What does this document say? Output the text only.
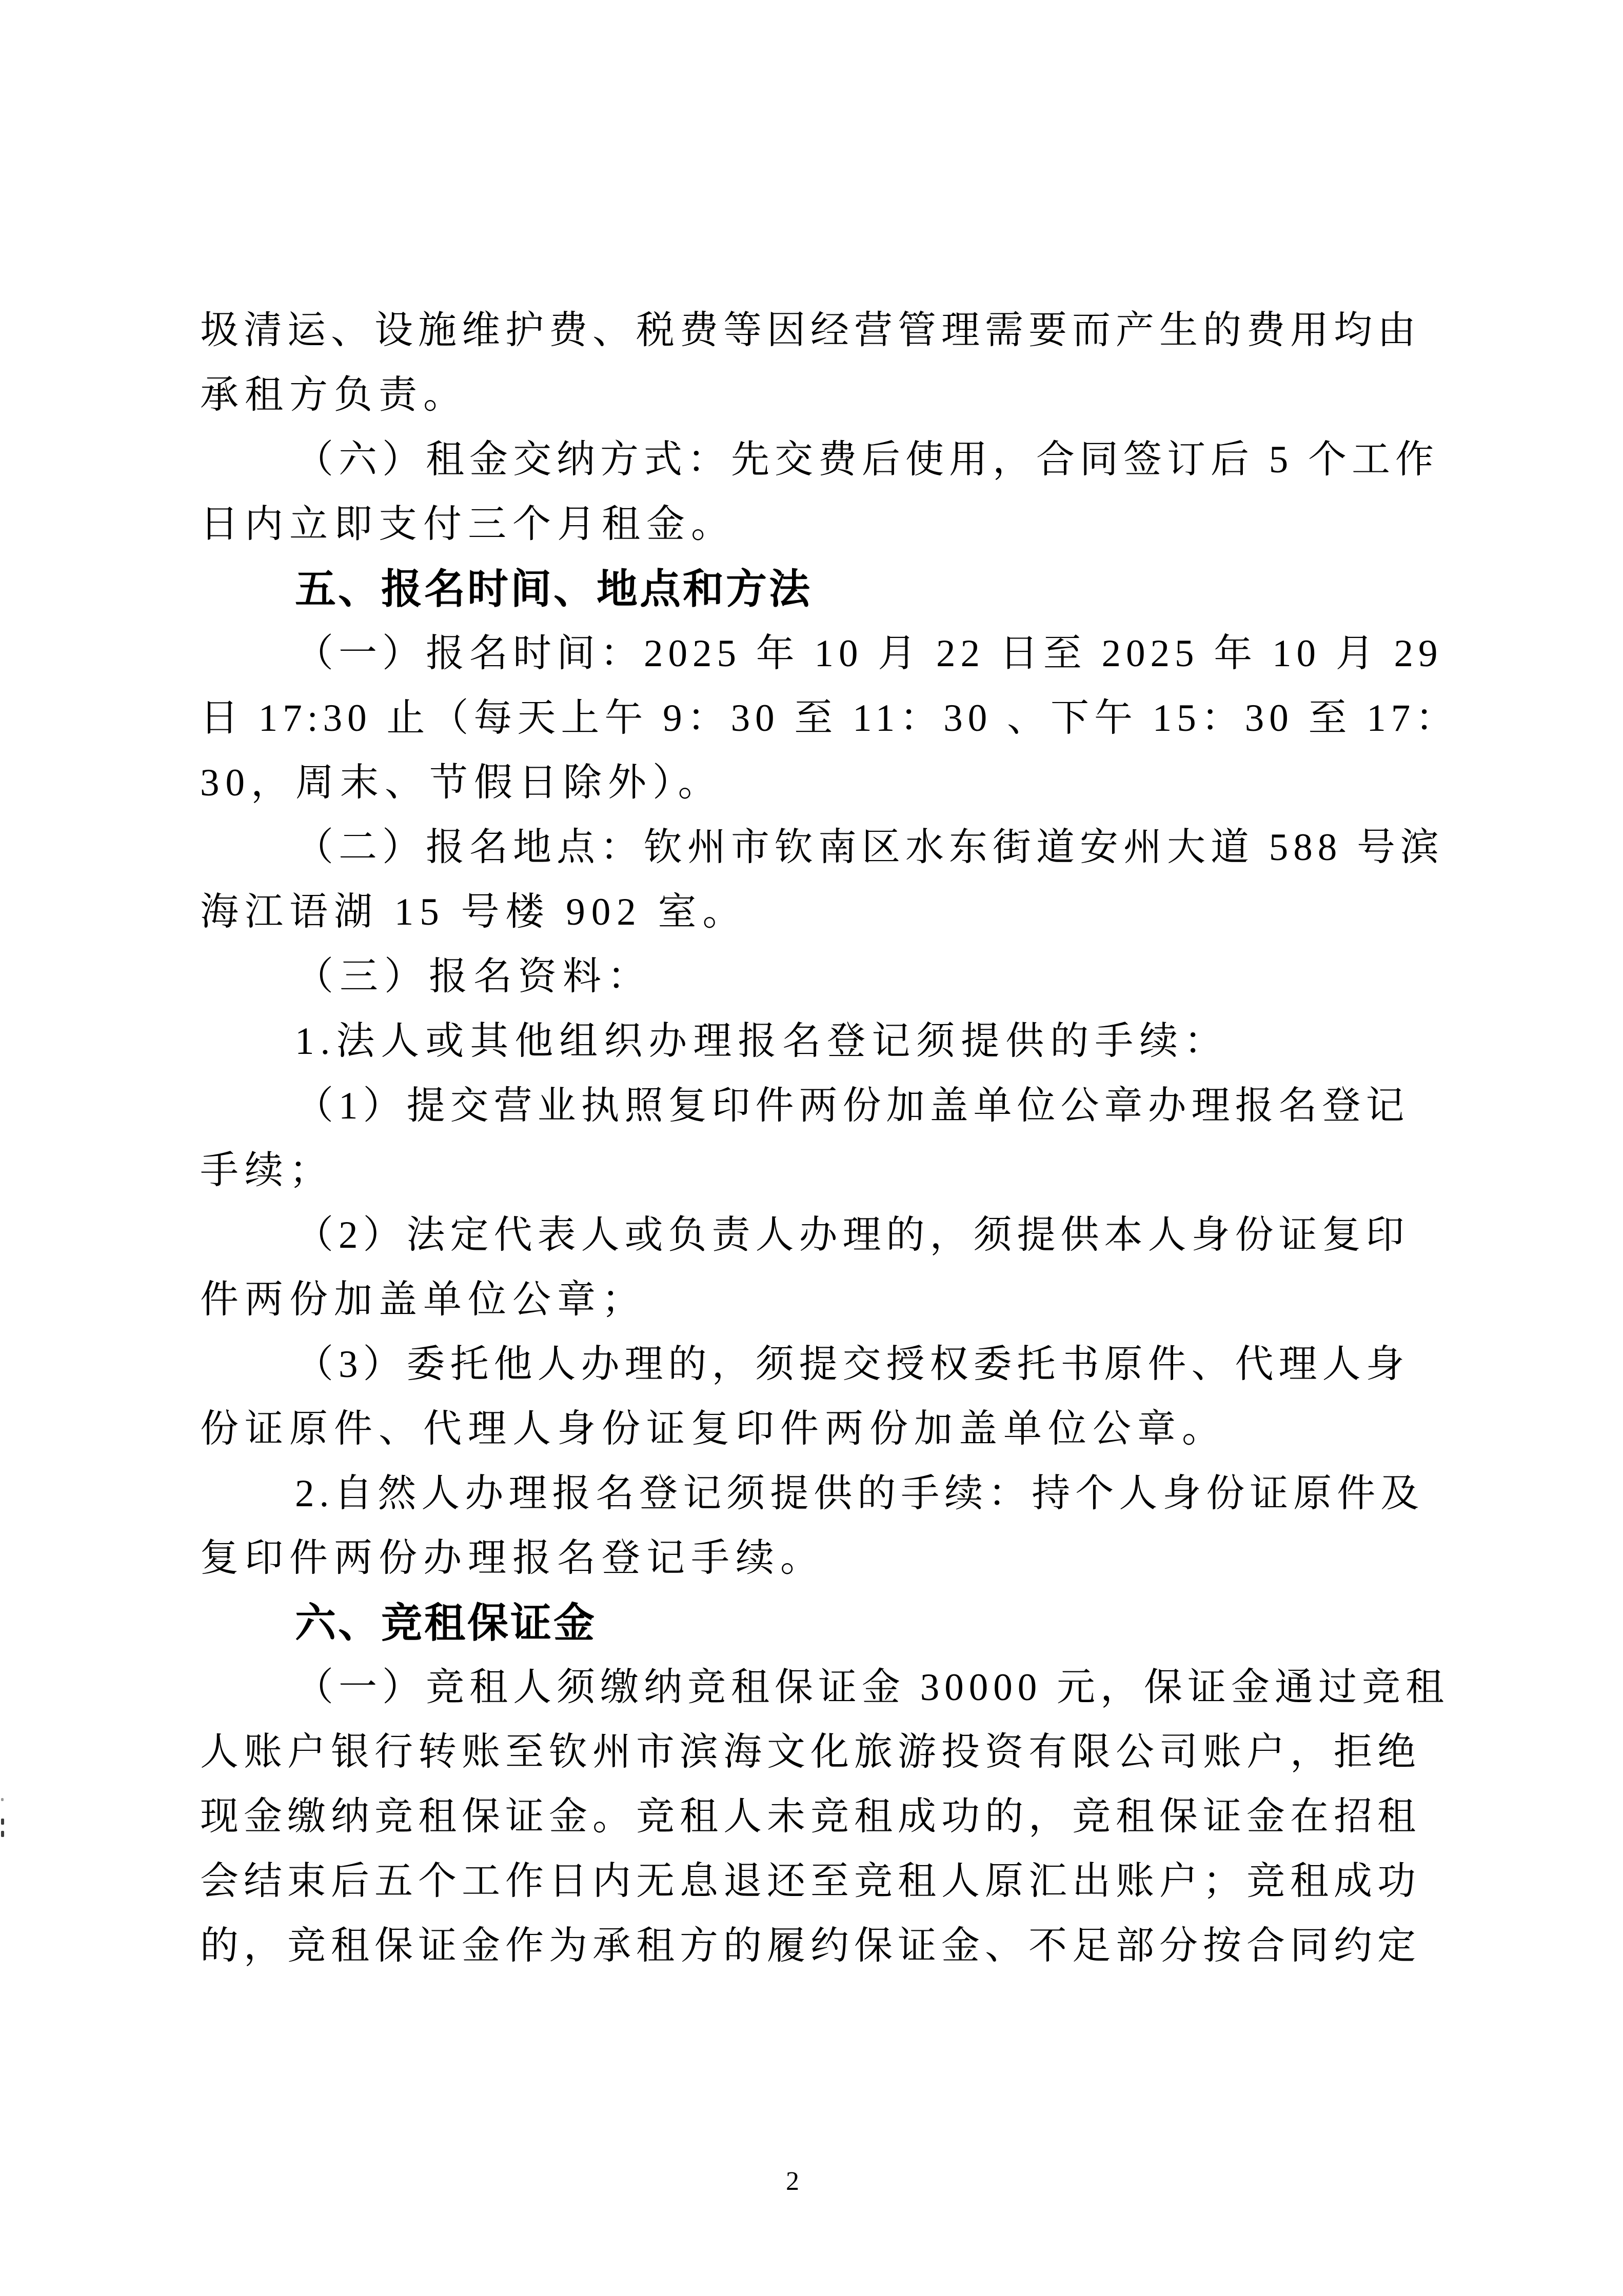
圾清运、设施维护费、税费等因经营管理需要而产生的费用均由
承租方负责。
（六）租金交纳方式：先交费后使用，合同签订后 5 个工作
日内立即支付三个月租金。
五、报名时间、地点和方法
（一）报名时间：2025 年 10 月 22 日至 2025 年 10 月 29
日 17:30 止（每天上午 9：30 至 11：30 、下午 15：30 至 17：
30，周末、节假日除外）。
（二）报名地点：钦州市钦南区水东街道安州大道 588 号滨
海江语湖 15 号楼 902 室。
（三）报名资料：
1.法人或其他组织办理报名登记须提供的手续：
（1）提交营业执照复印件两份加盖单位公章办理报名登记
手续；
（2）法定代表人或负责人办理的，须提供本人身份证复印
件两份加盖单位公章；
（3）委托他人办理的，须提交授权委托书原件、代理人身
份证原件、代理人身份证复印件两份加盖单位公章。
2.自然人办理报名登记须提供的手续：持个人身份证原件及
复印件两份办理报名登记手续。
六、竞租保证金
（一）竞租人须缴纳竞租保证金 30000 元，保证金通过竞租
人账户银行转账至钦州市滨海文化旅游投资有限公司账户，拒绝
现金缴纳竞租保证金。竞租人未竞租成功的，竞租保证金在招租
会结束后五个工作日内无息退还至竞租人原汇出账户；竞租成功
的，竞租保证金作为承租方的履约保证金、不足部分按合同约定
2
